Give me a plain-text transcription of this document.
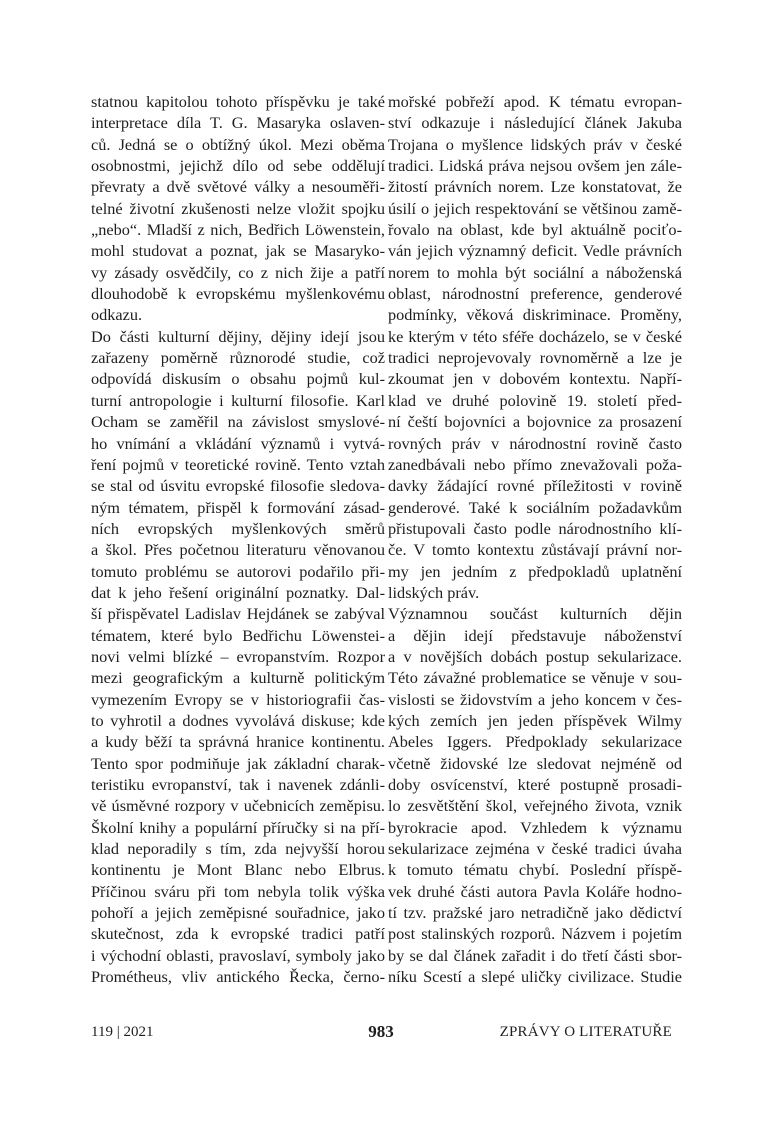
statnou kapitolou tohoto příspěvku je také
interpretace díla T. G. Masaryka oslaven-
ců. Jedná se o obtížný úkol. Mezi oběma
osobnostmi, jejichž dílo od sebe oddělují
převraty a dvě světové války a nesouměři-
telné životní zkušenosti nelze vložit spojku
„nebo“. Mladší z nich, Bedřich Löwenstein,
mohl studovat a poznat, jak se Masaryko-
vy zásady osvědčily, co z nich žije a patří
dlouhodobě k evropskému myšlenkovému
odkazu.
Do části kulturní dějiny, dějiny idejí jsou
zařazeny poměrně různorodé studie, což
odpovídá diskusím o obsahu pojmů kul-
turní antropologie i kulturní filosofie. Karl
Ocham se zaměřil na závislost smyslové-
ho vnímání a vkládání významů i vytvá-
ření pojmů v teoretické rovině. Tento vztah
se stal od úsvitu evropské filosofie sledova-
ným tématem, přispěl k formování zásad-
ních evropských myšlenkových směrů
a škol. Přes početnou literaturu věnovanou
tomuto problému se autorovi podařilo při-
dat k jeho řešení originální poznatky. Dal-
ší přispěvatel Ladislav Hejdánek se zabýval
tématem, které bylo Bedřichu Löwenstei-
novi velmi blízké – evropanstvím. Rozpor
mezi geografickým a kulturně politickým
vymezením Evropy se v historiografii čas-
to vyhrotil a dodnes vyvolává diskuse; kde
a kudy běží ta správná hranice kontinentu.
Tento spor podmiňuje jak základní charak-
teristiku evropanství, tak i navenek zdánli-
vě úsměvné rozpory v učebnicích zeměpisu.
Školní knihy a populární příručky si na pří-
klad neporadily s tím, zda nejvyšší horou
kontinentu je Mont Blanc nebo Elbrus.
Příčinou sváru při tom nebyla tolik výška
pohoří a jejich zeměpisné souřadnice, jako
skutečnost, zda k evropské tradici patří
i východní oblasti, pravoslaví, symboly jako
Prométheus, vliv antického Řecka, černo-
mořské pobřeží apod. K tématu evropan-
ství odkazuje i následující článek Jakuba
Trojana o myšlence lidských práv v české
tradici. Lidská práva nejsou ovšem jen zále-
žitostí právních norem. Lze konstatovat, že
úsilí o jejich respektování se většinou zamě-
řovalo na oblast, kde byl aktuálně pociťo-
ván jejich významný deficit. Vedle právních
norem to mohla být sociální a náboženská
oblast, národnostní preference, genderové
podmínky, věková diskriminace. Proměny,
ke kterým v této sféře docházelo, se v české
tradici neprojevovaly rovnoměrně a lze je
zkoumat jen v dobovém kontextu. Napří-
klad ve druhé polovině 19. století před-
ní čeští bojovníci a bojovnice za prosazení
rovných práv v národnostní rovině často
zanedbávali nebo přímo znevažovali poža-
davky žádající rovné příležitosti v rovině
genderové. Také k sociálním požadavkům
přistupovali často podle národnostního klí-
če. V tomto kontextu zůstávají právní nor-
my jen jedním z předpokladů uplatnění
lidských práv.
Významnou součást kulturních dějin
a dějin idejí představuje náboženství
a v novějších dobách postup sekularizace.
Této závažné problematice se věnuje v sou-
vislosti se židovstvím a jeho koncem v čes-
kých zemích jen jeden příspěvek Wilmy
Abeles Iggers. Předpoklady sekularizace
včetně židovské lze sledovat nejméně od
doby osvícenství, které postupně prosadi-
lo zesvětštění škol, veřejného života, vznik
byrokracie apod. Vzhledem k významu
sekularizace zejména v české tradici úvaha
k tomuto tématu chybí. Poslední příspě-
vek druhé části autora Pavla Koláře hodno-
tí tzv. pražské jaro netradičně jako dědictví
post stalinských rozporů. Názvem i pojetím
by se dal článek zařadit i do třetí části sbor-
níku Scestí a slepé uličky civilizace. Studie
119 | 2021	983	ZPRÁVY O LITERATUŘE
